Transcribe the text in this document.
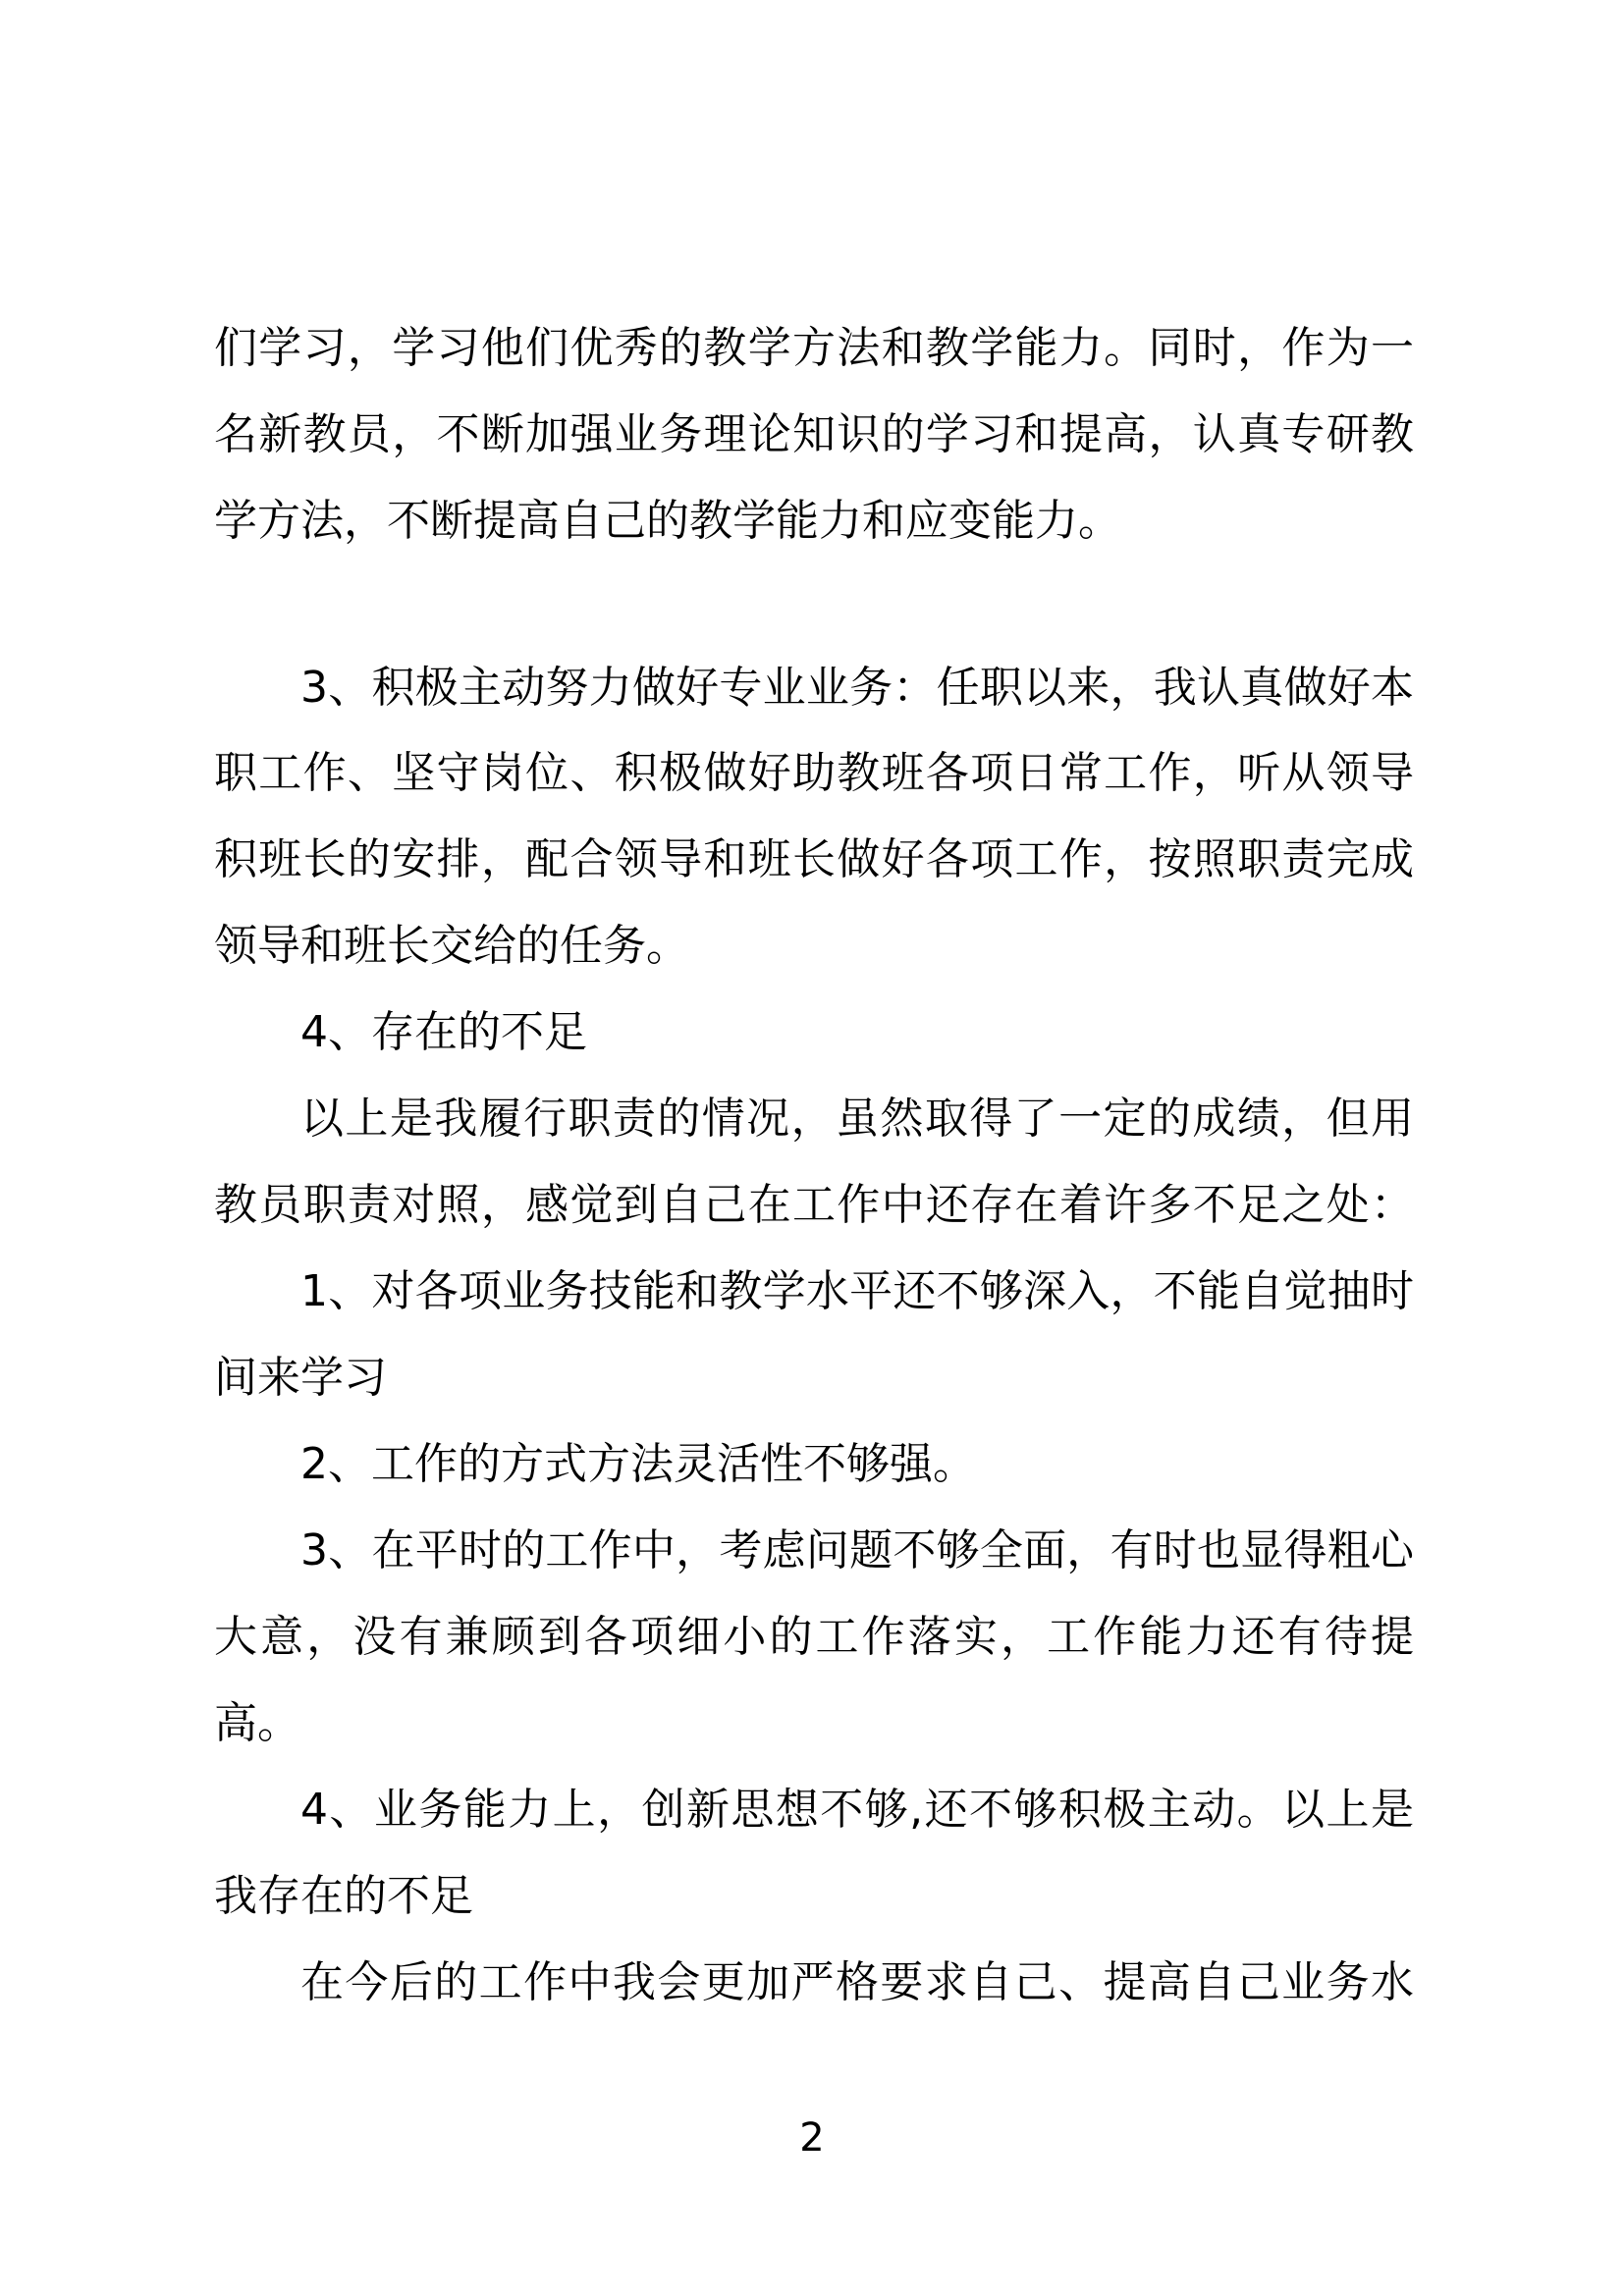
们学习，学习他们优秀的教学方法和教学能力。同时，作为一
名新教员，不断加强业务理论知识的学习和提高，认真专研教
学方法，不断提高自己的教学能力和应变能力。
3、积极主动努力做好专业业务：任职以来，我认真做好本
职工作、坚守岗位、积极做好助教班各项日常工作，听从领导
积班长的安排，配合领导和班长做好各项工作，按照职责完成
领导和班长交给的任务。
4、存在的不足
以上是我履行职责的情况，虽然取得了一定的成绩，但用
教员职责对照，感觉到自己在工作中还存在着许多不足之处：
1、对各项业务技能和教学水平还不够深入，不能自觉抽时
间来学习
2、工作的方式方法灵活性不够强。
3、在平时的工作中，考虑问题不够全面，有时也显得粗心
大意，没有兼顾到各项细小的工作落实，工作能力还有待提
高。
4、业务能力上，创新思想不够,还不够积极主动。以上是
我存在的不足
在今后的工作中我会更加严格要求自己、提高自己业务水
2
